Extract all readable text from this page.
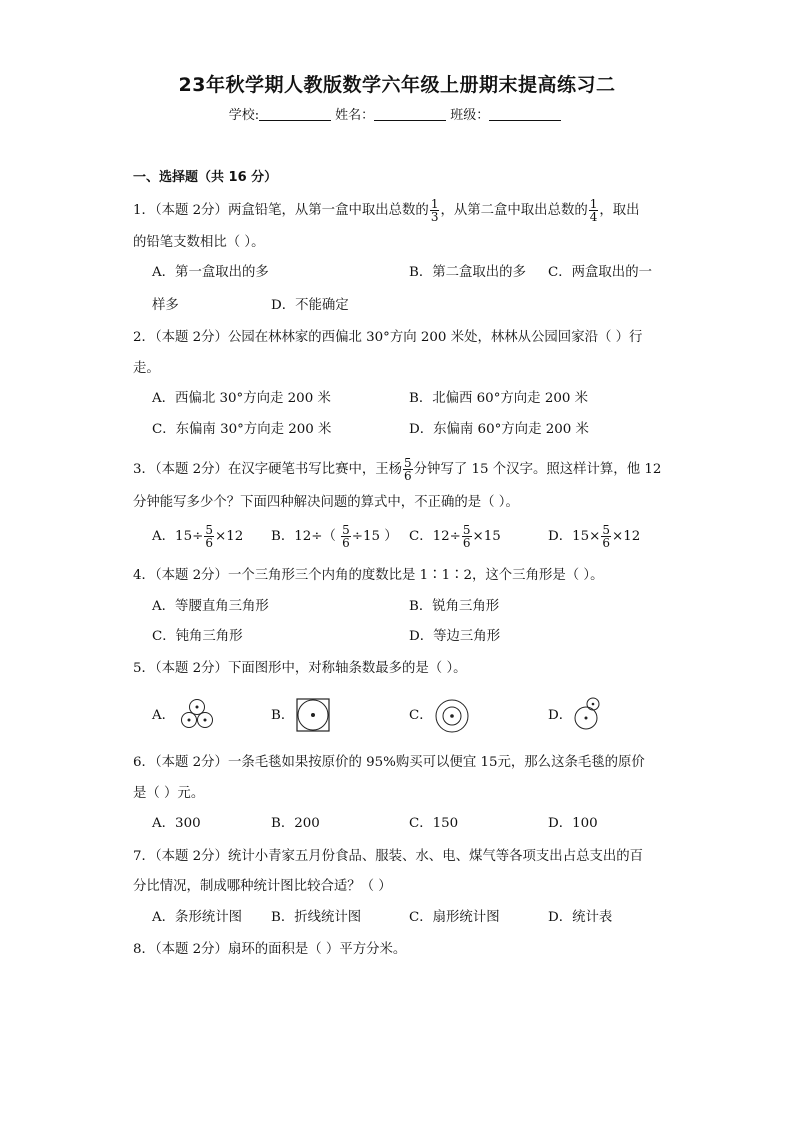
23年秋学期人教版数学六年级上册期末提高练习二
学校:	姓名：	班级：
一、选择题（共 16 分）
1．（本题 2分）两盒铅笔，从第一盒中取出总数的 $\frac{1}{3}$ ，从第二盒中取出总数的 $\frac{1}{4}$ ，取出
的铅笔支数相比（ ）。
A．第一盒取出的多	B．第二盒取出的多 C．两盒取出的一
样多	D．不能确定
2．（本题 2分）公园在林林家的西偏北 30°方向 200 米处，林林从公园回家沿（ ）行
走。
A．西偏北 30°方向走 200 米	B．北偏西 60°方向走 200 米
C．东偏南 30°方向走 200 米	D．东偏南 60°方向走 200 米
3．（本题 2分）在汉字硬笔书写比赛中，王杨 $\frac{5}{6}$ 分钟写了 15 个汉字。照这样计算，他 12
分钟能写多少个？下面四种解决问题的算式中，不正确的是（ ）。
A．$15\div \frac{5}{6} \times 12$ B．$12\div( \frac{5}{6} \div 15$ ） C．$12\div \frac{5}{6} \times 15$	D．$15\times \frac{5}{6} \times 12$
4．（本题 2分）一个三角形三个内角的度数比是 1∶1∶2，这个三角形是（ ）。
A．等腰直角三角形	B．锐角三角形
C．钝角三角形	D．等边三角形
5．（本题 2分）下面图形中，对称轴条数最多的是（ ）。
A．	B．	C．	D．
6．（本题 2分）一条毛毯如果按原价的 95%购买可以便宜 15元，那么这条毛毯的原价
是（ ）元。
A．300	B．200	C．150	D．100
7．（本题 2分）统计小青家五月份食品、服装、水、电、煤气等各项支出占总支出的百
分比情况，制成哪种统计图比较合适？（ ）
A．条形统计图 B．折线统计图	C．扇形统计图	D．统计表
8．（本题 2分）扇环的面积是（ ）平方分米。
